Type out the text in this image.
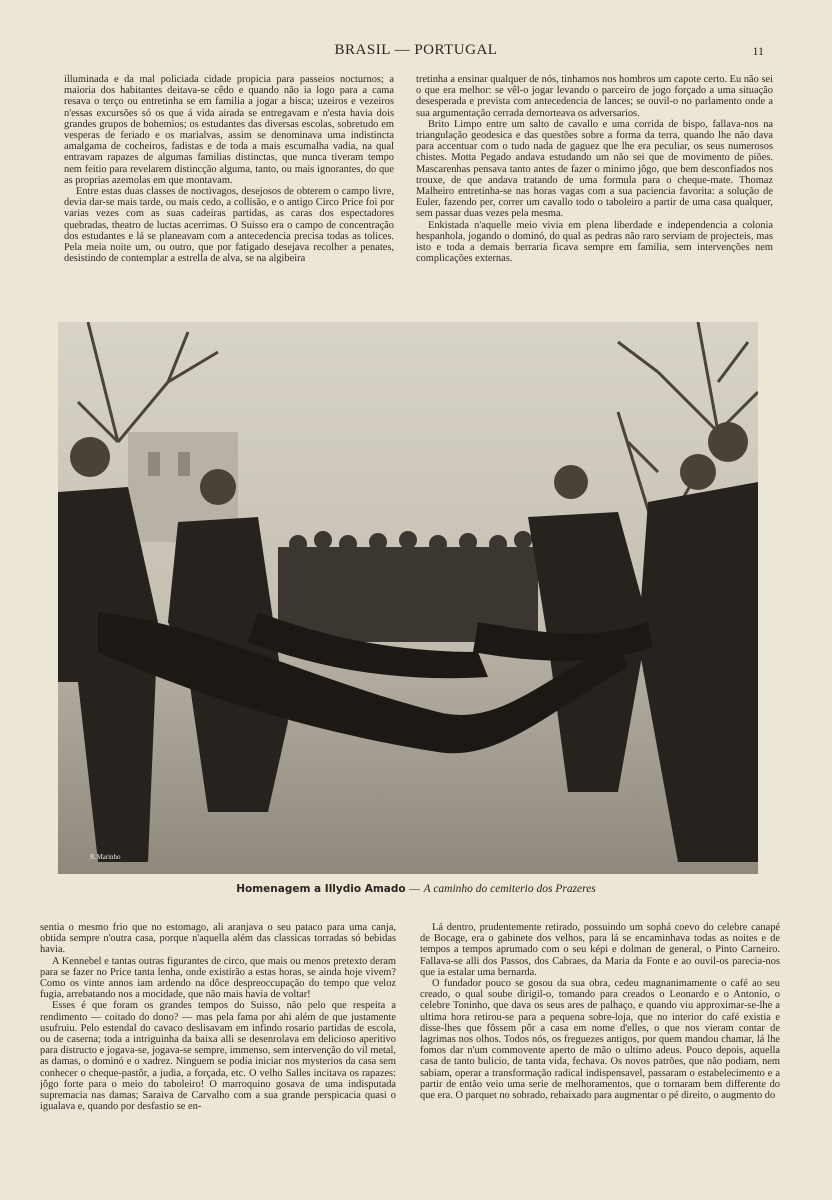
BRASIL — PORTUGAL	11

illuminada e da mal policiada cidade propicia para passeios nocturnos; a maioria dos habitantes deitava-se cêdo e quando não ia logo para a cama resava o terço ou entretinha se em familia a jogar a bisca; uzeiros e vezeiros n'essas excursões só os que á vida airada se entregavam e n'esta havia dois grandes grupos de bohemios; os estudantes das diversas escolas, sobretudo em vesperas de feriado e os marialvas, assim se denominava uma indistincta amalgama de cocheiros, fadistas e de toda a mais escumalha vadia, na qual entravam rapazes de algumas familias distinctas, que nunca tiveram tempo nem feitio para revelarem distincção alguma, tanto, ou mais ignorantes, do que as proprias azemolas em que montavam.

Entre estas duas classes de noctivagos, desejosos de obterem o campo livre, devia dar-se mais tarde, ou mais cedo, a collisão, e o antigo Circo Price foi por varias vezes com as suas cadeiras partidas, as caras dos espectadores quebradas, theatro de luctas acerrimas. O Suisso era o campo de concentração dos estudantes e lá se planeavam com a antecedencia precisa todas as tolices. Pela meia noite um, ou outro, que por fatigado desejava recolher a penates, desistindo de contemplar a estrella de alva, se na algibeira

tretinha a ensinar qualquer de nós, tinhamos nos hombros um capote certo. Eu não sei o que era melhor: se vêl-o jogar levando o parceiro de jogo forçado a uma situação desesperada e prevista com antecedencia de lances; se ouvil-o no parlamento onde a sua argumentação cerrada dernorteava os adversarios.

Brito Limpo entre um salto de cavallo e uma corrida de bispo, fallava-nos na triangulação geodesica e das questões sobre a forma da terra, quando lhe não dava para accentuar com o tudo nada de gaguez que lhe era peculiar, os seus numerosos chistes. Motta Pegado andava estudando um não sei que de movimento de piões. Mascarenhas pensava tanto antes de fazer o minimo jôgo, que bem desconfiados nos trouxe, de que andava tratando de uma formula para o cheque-mate. Thomaz Malheiro entretinha-se nas horas vagas com a sua paciencia favorita: a solução de Euler, fazendo per, correr um cavallo todo o taboleiro a partir de uma casa qualquer, sem passar duas vezes pela mesma.

Enkistada n'aquelle meio vivia em plena liberdade e independencia a colonia hespanhola, jogando o dominó, do qual as pedras não raro serviam de projecteis, mas isto e toda a demais berraria ficava sempre em familia, sem intervenções nem complicações externas.

R.Marinho
Homenagem a Illydio Amado — A caminho do cemiterio dos Prazeres

sentia o mesmo frio que no estomago, ali aranjava o seu pataco para uma canja, obtida sempre n'outra casa, porque n'aquella além das classicas torradas só bebidas havia.

A Kennebel e tantas outras figurantes de circo, que mais ou menos pretexto deram para se fazer no Price tanta lenha, onde existirão a estas horas, se ainda hoje vivem? Como os vinte annos iam ardendo na dôce despreoccupação do tempo que veloz fugia, arrebatando nos a mocidade, que não mais havia de voltar!

Esses é que foram os grandes tempos do Suisso, não pelo que respeita a rendimento — coitado do dono? — mas pela fama por ahi além de que justamente usufruiu. Pelo estendal do cavaco deslisavam em infindo rosario partidas de escola, ou de caserna; toda a intriguinha da baixa alli se desenrolava em delicioso aperitivo para distructo e jogava-se, jogava-se sempre, immenso, sem intervenção do vil metal, as damas, o dominó e o xadrez. Ninguem se podia iniciar nos mysterios da casa sem conhecer o cheque-pastôr, a judia, a forçada, etc. O velho Salles incitava os rapazes: jôgo forte para o meio do taboleiro! O marroquino gosava de uma indisputada supremacia nas damas; Saraiva de Carvalho com a sua grande perspicacia quasi o igualava e, quando por desfastio se en-

Lá dentro, prudentemente retirado, possuindo um sophá coevo do celebre canapé de Bocage, era o gabinete dos velhos, para lá se encaminhava todas as noites e de tempos a tempos aprumado com o seu képi e dolman de general, o Pinto Carneiro. Fallava-se alli dos Passos, dos Cabraes, da Maria da Fonte e ao ouvil-os parecia-nos que ia estalar uma bernarda.

O fundador pouco se gosou da sua obra, cedeu magnanimamente o café ao seu creado, o qual soube dirigil-o, tomando para creados o Leonardo e o Antonio, o celebre Toninho, que dava os seus ares de palhaço, e quando viu approximar-se-lhe a ultima hora retirou-se para a pequena sobre-loja, que no interior do café existia e disse-lhes que fôssem pôr a casa em nome d'elles, o que nos vieram contar de lagrimas nos olhos. Todos nós, os freguezes antigos, por quem mandou chamar, lá lhe fomos dar n'um commovente aperto de mão o ultimo adeus. Pouco depois, aquella casa de tanto bulicio, de tanta vida, fechava. Os novos patrões, que não podiam, nem sabiam, operar a transformação radical indispensavel, passaram o estabelecimento e a partir de então veio uma serie de melhoramentos, que o tornaram bem differente do que era. O parquet no sobrado, rebaixado para augmentar o pé direito, o augmento do
